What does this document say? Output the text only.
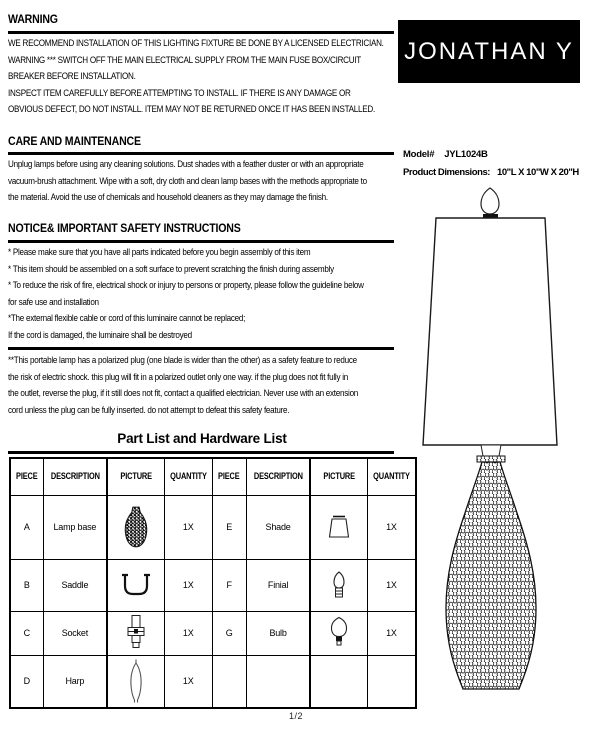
WARNING
WE RECOMMEND INSTALLATION OF THIS LIGHTING FIXTURE BE DONE BY A LICENSED ELECTRICIAN.
WARNING *** SWITCH OFF THE MAIN ELECTRICAL SUPPLY FROM THE MAIN FUSE BOX/CIRCUIT
BREAKER BEFORE INSTALLATION.
INSPECT ITEM CAREFULLY BEFORE ATTEMPTING TO INSTALL. IF THERE IS ANY DAMAGE OR
OBVIOUS DEFECT, DO NOT INSTALL. ITEM MAY NOT BE RETURNED ONCE IT HAS BEEN INSTALLED.
CARE AND MAINTENANCE
Unplug lamps before using any cleaning solutions. Dust shades with a feather duster or with an appropriate
vacuum-brush attachment. Wipe with a soft, dry cloth and clean lamp bases with the methods appropriate to
the material. Avoid the use of chemicals and household cleaners as they may damage the finish.
NOTICE& IMPORTANT SAFETY INSTRUCTIONS
* Please make sure that you have all parts indicated before you begin assembly of this item
* This item should be assembled on a soft surface to prevent scratching the finish during assembly
* To reduce the risk of fire, electrical shock or injury to persons or property, please follow the guideline below
for safe use and installation
*The external flexible cable or cord of this luminaire cannot be replaced;
If the cord is damaged, the luminaire shall be destroyed
**This portable lamp has a polarized plug (one blade is wider than the other) as a safety feature to reduce
the risk of electric shock. this plug will fit in a polarized outlet only one way. if the plug does not fit fully in
the outlet, reverse the plug, if it still does not fit, contact a qualified electrician. Never use with an extension
cord unless the plug can be fully inserted. do not attempt to defeat this safety feature.
Part List and Hardware List
PIECE	DESCRIPTION	PICTURE	QUANTITY	PIECE	DESCRIPTION	PICTURE	QUANTITY
A	Lamp base		1X	E	Shade		1X
B	Saddle		1X	F	Finial		1X
C	Socket		1X	G	Bulb		1X
D	Harp		1X				
1/2
JONATHAN Y
Model# JYL1024B
Product Dimensions: 10"L X 10"W X 20"H
